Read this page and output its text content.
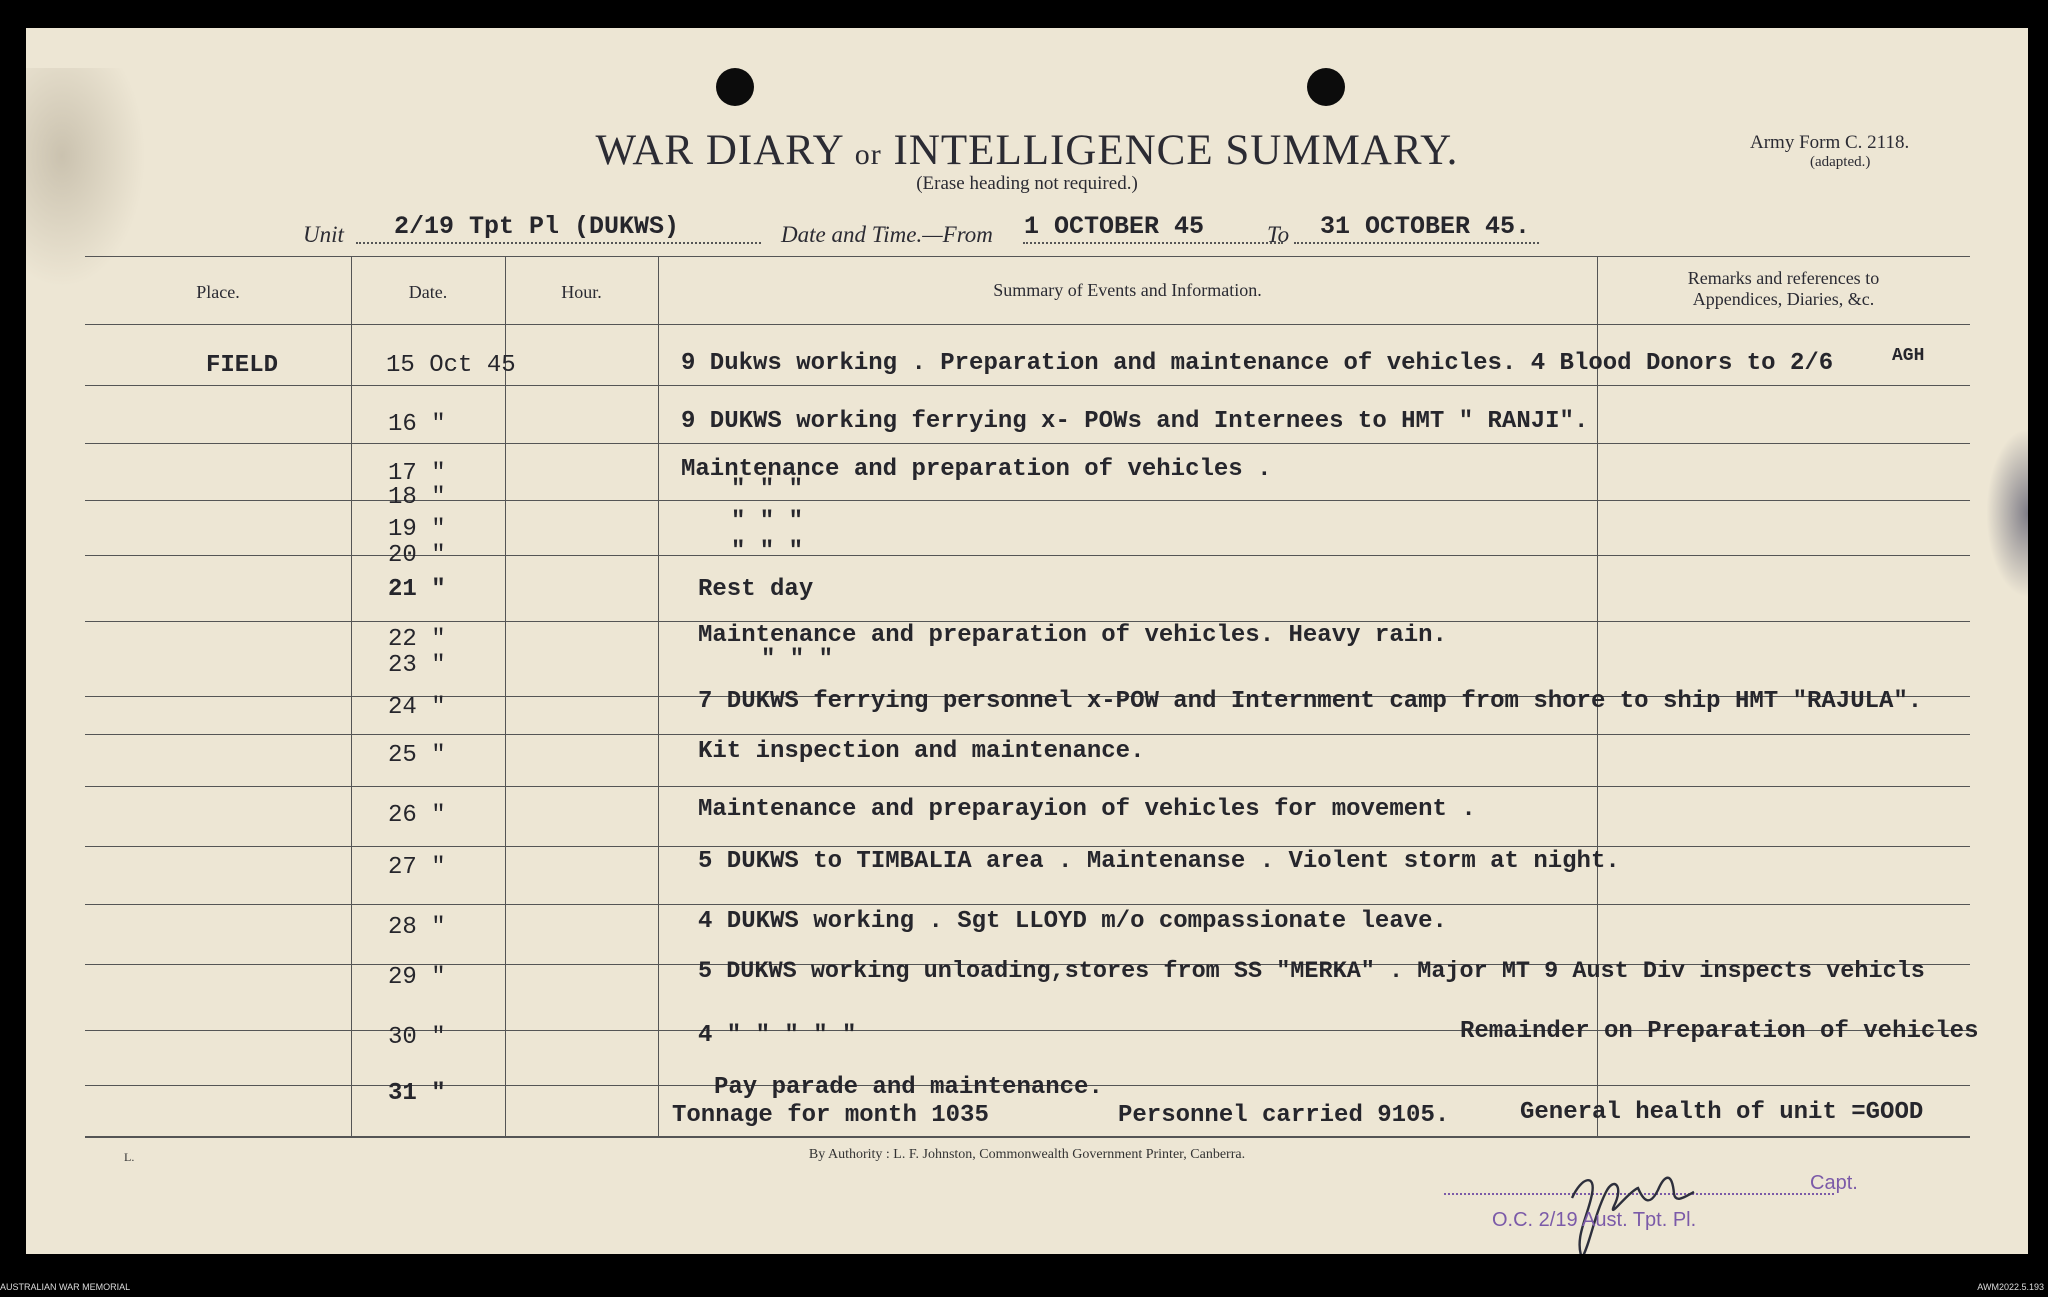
WAR DIARY or INTELLIGENCE SUMMARY.
(Erase heading not required.)
Army Form C. 2118.
(adapted.)
Unit 2/19 Tpt Pl (DUKWS)	Date and Time.—From 1 OCTOBER 45	To 31 OCTOBER 45.
Place.	Date.	Hour.	Summary of Events and Information.
Remarks and references to
Appendices, Diaries, &c.
FIELD	15 Oct 45	9 Dukws working . Preparation and maintenance of vehicles. 4 Blood Donors to 2/6	AGH
16 "	9 DUKWS working ferrying x- POWs and Internees to HMT " RANJI".
17 "	Maintenance and preparation of vehicles .
18 "	" " "
19 "	" " "
20 "	" " "
21 "	Rest day
22 "	Maintenance and preparation of vehicles. Heavy rain.
23 "	" " "
24 "	7 DUKWS ferrying personnel x-POW and Internment camp from shore to ship HMT "RAJULA".
25 "	Kit inspection and maintenance.
26 "	Maintenance and preparayion of vehicles for movement .
27 "	5 DUKWS to TIMBALIA area . Maintenanse . Violent storm at night.
28 "	4 DUKWS working . Sgt LLOYD m/o compassionate leave.
29 "	5 DUKWS working unloading,stores from SS "MERKA" . Major MT 9 Aust Div inspects vehicls
30 "	4 " " " " "	Remainder on Preparation of vehicles
31 "	Pay parade and maintenance.
Tonnage for month 1035	Personnel carried 9105.	General health of unit =GOOD
L.	By Authority : L. F. Johnston, Commonwealth Government Printer, Canberra.
Capt.
O.C. 2/19 Aust. Tpt. Pl.
AUSTRALIAN WAR MEMORIAL	AWM2022.5.193
